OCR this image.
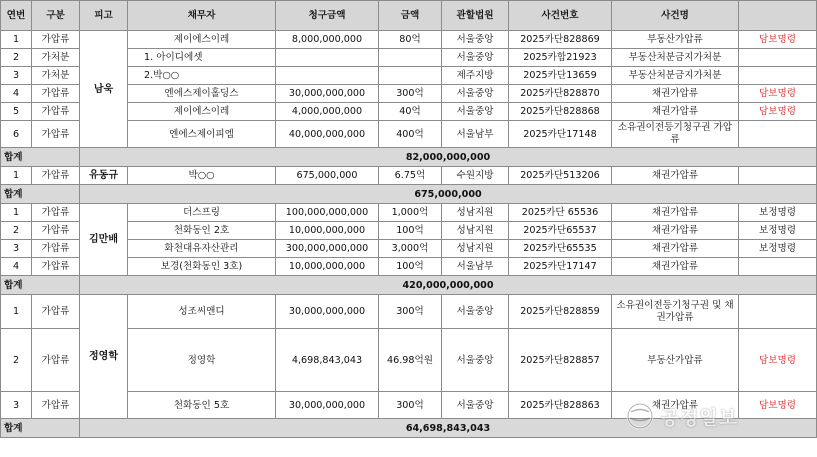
연번	구분	피고	채무자	청구금액	금액	관할법원	사건번호	사건명	
1	가압류	남욱	제이에스이레	8,000,000,000	80억	서울중앙	2025카단828869	부동산가압류	담보명령
2	가처분		1. 아이디에셋			서울중앙	2025카합21923	부동산처분금지가처분	
3	가처분		2.박○○			제주지방	2025카단13659	부동산처분금지가처분	
4	가압류		엔에스제이홀딩스	30,000,000,000	300억	서울중앙	2025카단828870	채권가압류	담보명령
5	가압류		제이에스이레	4,000,000,000	40억	서울중앙	2025카단828868	채권가압류	담보명령
6	가압류		엔에스제이피엠	40,000,000,000	400억	서울남부	2025카단17148	소유권이전등기청구권 가압류	
합계		82,000,000,000							
1	가압류	유동규	박○○	675,000,000	6.75억	수원지방	2025카단513206	채권가압류	
합계		675,000,000							
1	가압류	김만배	더스프링	100,000,000,000	1,000억	성남지원	2025카단 65536	채권가압류	보정명령
2	가압류		천화동인 2호	10,000,000,000	100억	성남지원	2025카단65537	채권가압류	보정명령
3	가압류		화천대유자산관리	300,000,000,000	3,000억	성남지원	2025카단65535	채권가압류	보정명령
4	가압류		보경(천화동인 3호)	10,000,000,000	100억	서울남부	2025카단17147	채권가압류	
합계		420,000,000,000							
1	가압류	정영학	성조씨앤디	30,000,000,000	300억	서울중앙	2025카단828859	소유권이전등기청구권 및 채권가압류	
2	가압류		정영학	4,698,843,043	46.98억원	서울중앙	2025카단828857	부동산가압류	담보명령
3	가압류		천화동인 5호	30,000,000,000	300억	서울중앙	2025카단828863	채권가압류	담보명령
합계		64,698,843,043								공정일보
